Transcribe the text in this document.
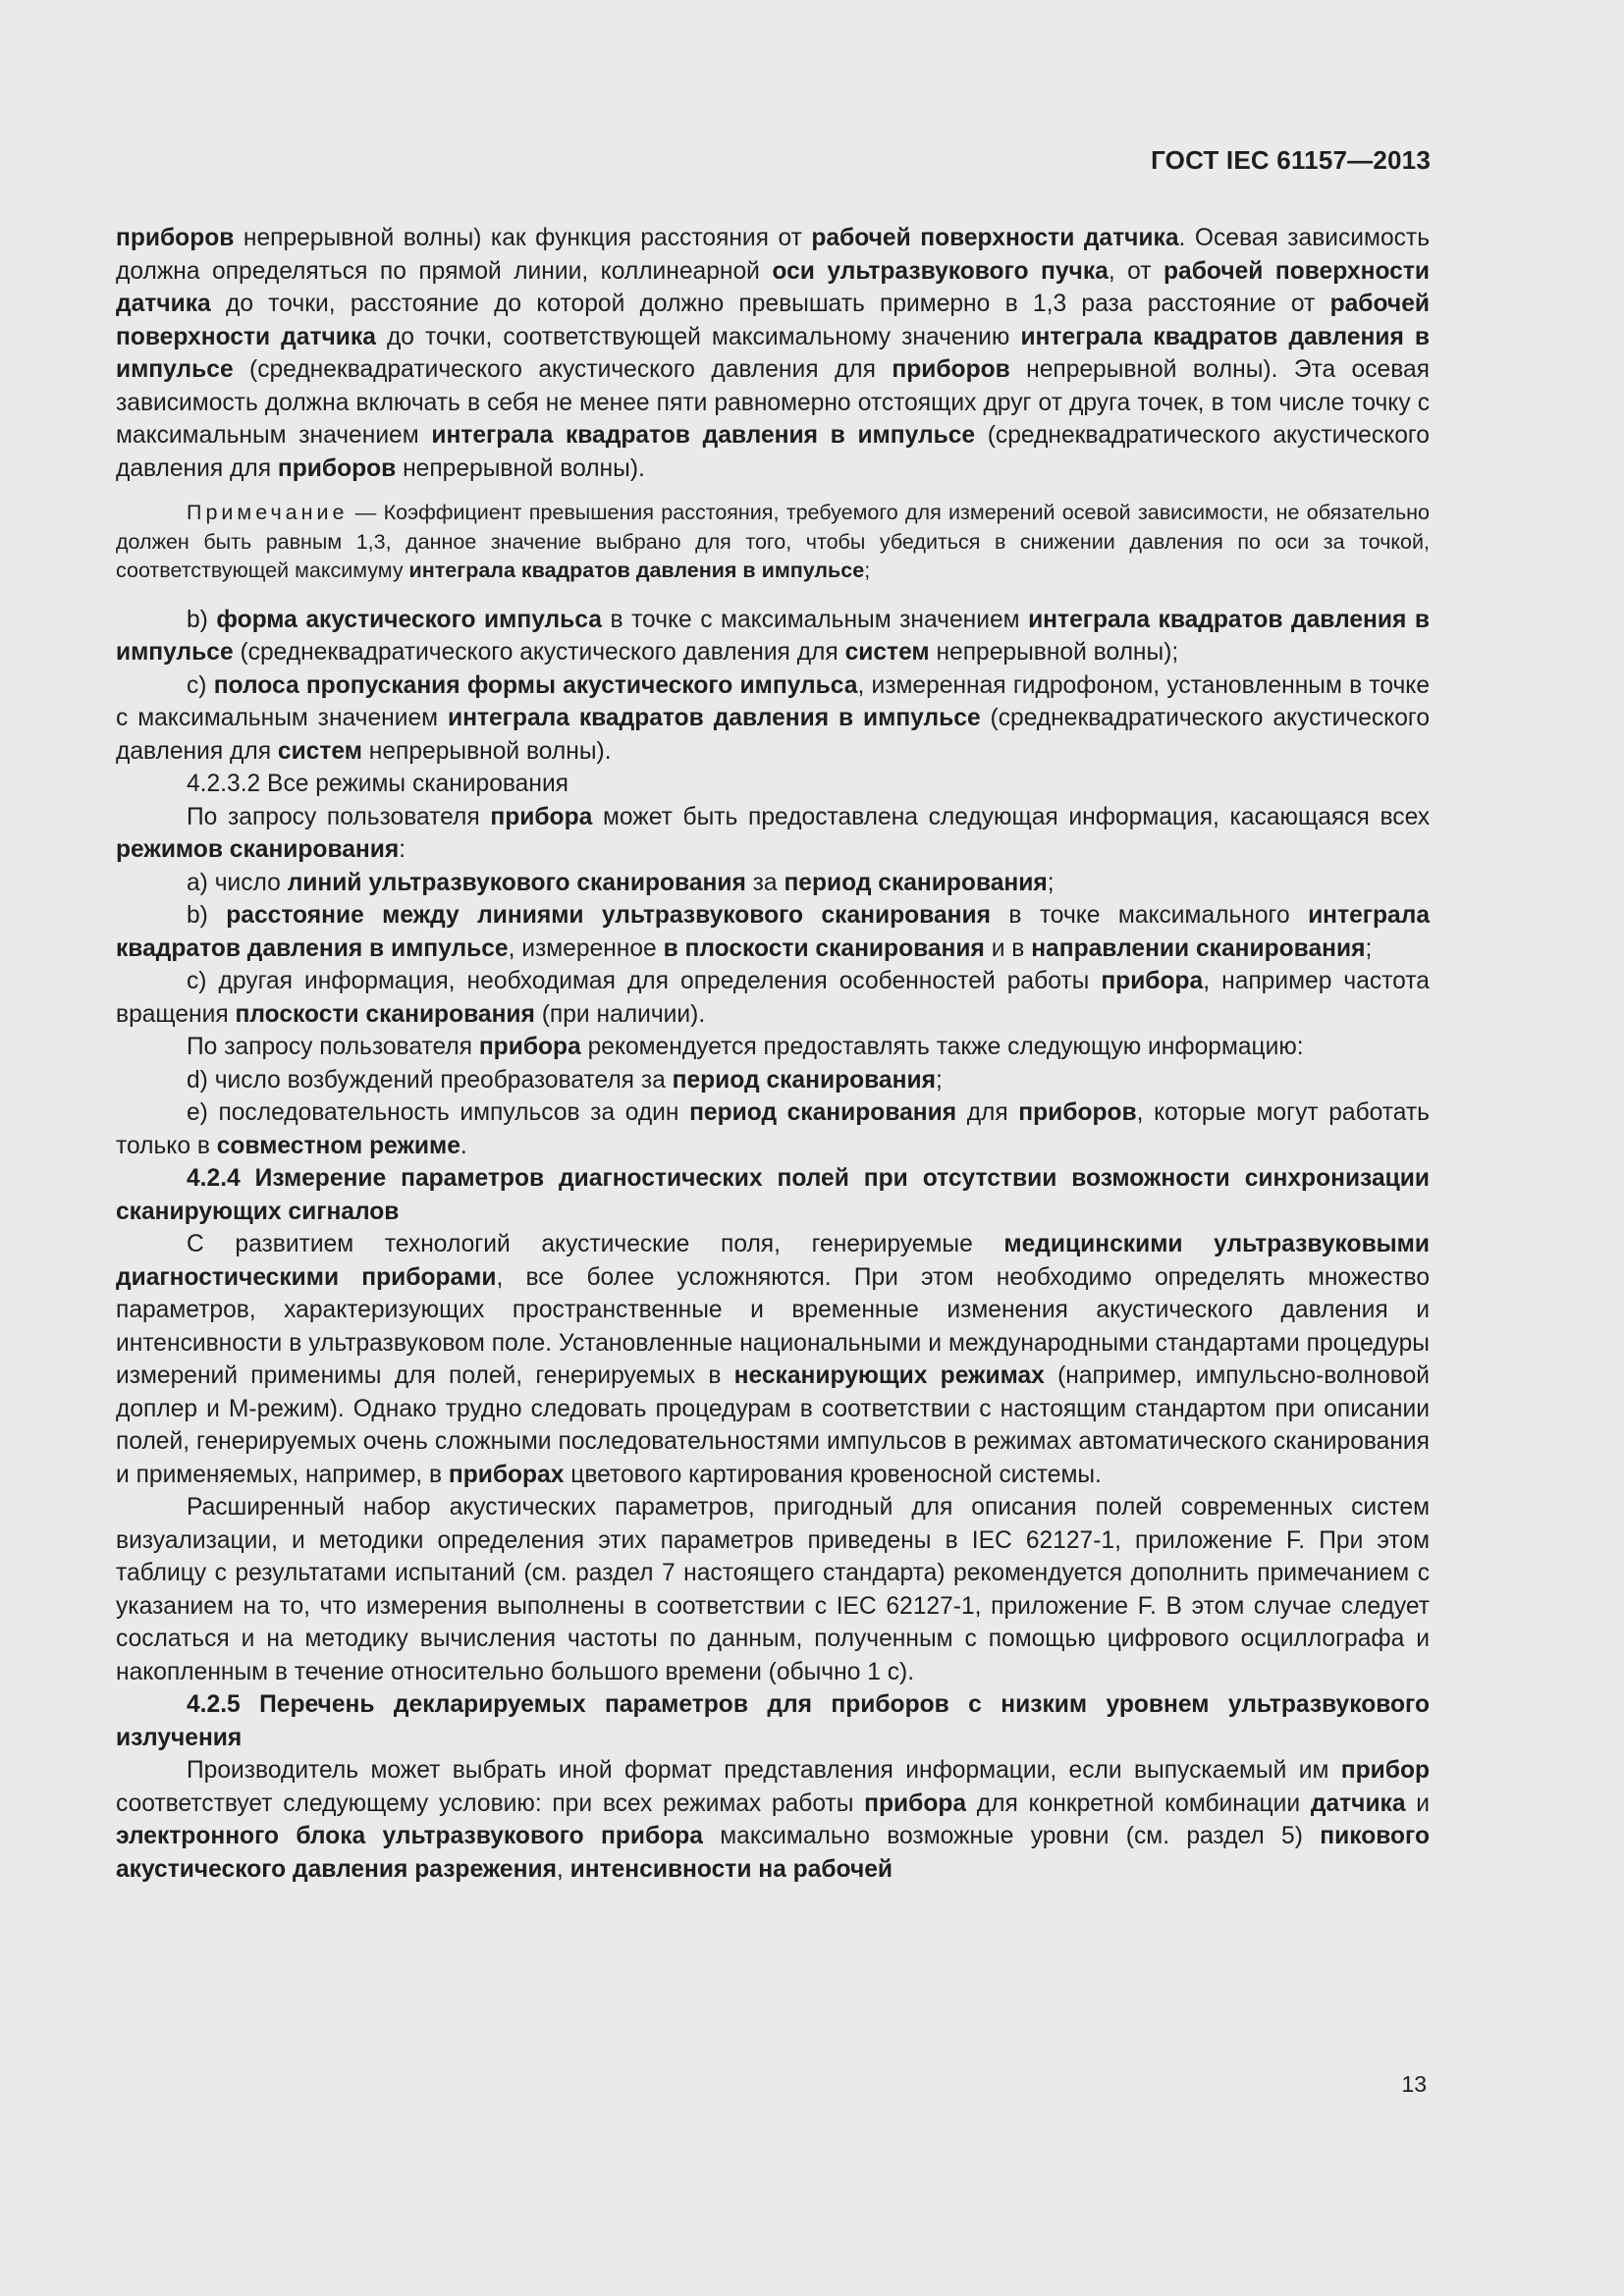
ГОСТ IEC 61157—2013

приборов непрерывной волны) как функция расстояния от рабочей поверхности датчика. Осевая зависимость должна определяться по прямой линии, коллинеарной оси ультразвукового пучка, от рабочей поверхности датчика до точки, расстояние до которой должно превышать примерно в 1,3 раза расстояние от рабочей поверхности датчика до точки, соответствующей максимальному значению интеграла квадратов давления в импульсе (среднеквадратического акустического давления для приборов непрерывной волны). Эта осевая зависимость должна включать в себя не менее пяти равномерно отстоящих друг от друга точек, в том числе точку с максимальным значением интеграла квадратов давления в импульсе (среднеквадратического акустического давления для приборов непрерывной волны).

Примечание — Коэффициент превышения расстояния, требуемого для измерений осевой зависимости, не обязательно должен быть равным 1,3, данное значение выбрано для того, чтобы убедиться в снижении давления по оси за точкой, соответствующей максимуму интеграла квадратов давления в импульсе;

b) форма акустического импульса в точке с максимальным значением интеграла квадратов давления в импульсе (среднеквадратического акустического давления для систем непрерывной волны);

c) полоса пропускания формы акустического импульса, измеренная гидрофоном, установленным в точке с максимальным значением интеграла квадратов давления в импульсе (среднеквадратического акустического давления для систем непрерывной волны).

4.2.3.2 Все режимы сканирования

По запросу пользователя прибора может быть предоставлена следующая информация, касающаяся всех режимов сканирования:

a) число линий ультразвукового сканирования за период сканирования;

b) расстояние между линиями ультразвукового сканирования в точке максимального интеграла квадратов давления в импульсе, измеренное в плоскости сканирования и в направлении сканирования;

c) другая информация, необходимая для определения особенностей работы прибора, например частота вращения плоскости сканирования (при наличии).

По запросу пользователя прибора рекомендуется предоставлять также следующую информацию:

d) число возбуждений преобразователя за период сканирования;

e) последовательность импульсов за один период сканирования для приборов, которые могут работать только в совместном режиме.

4.2.4 Измерение параметров диагностических полей при отсутствии возможности синхронизации сканирующих сигналов

С развитием технологий акустические поля, генерируемые медицинскими ультразвуковыми диагностическими приборами, все более усложняются. При этом необходимо определять множество параметров, характеризующих пространственные и временные изменения акустического давления и интенсивности в ультразвуковом поле. Установленные национальными и международными стандартами процедуры измерений применимы для полей, генерируемых в несканирующих режимах (например, импульсно-волновой доплер и М-режим). Однако трудно следовать процедурам в соответствии с настоящим стандартом при описании полей, генерируемых очень сложными последовательностями импульсов в режимах автоматического сканирования и применяемых, например, в приборах цветового картирования кровеносной системы.

Расширенный набор акустических параметров, пригодный для описания полей современных систем визуализации, и методики определения этих параметров приведены в IEC 62127-1, приложение F. При этом таблицу с результатами испытаний (см. раздел 7 настоящего стандарта) рекомендуется дополнить примечанием с указанием на то, что измерения выполнены в соответствии с IEC 62127-1, приложение F. В этом случае следует сослаться и на методику вычисления частоты по данным, полученным с помощью цифрового осциллографа и накопленным в течение относительно большого времени (обычно 1 с).

4.2.5 Перечень декларируемых параметров для приборов с низким уровнем ультразвукового излучения

Производитель может выбрать иной формат представления информации, если выпускаемый им прибор соответствует следующему условию: при всех режимах работы прибора для конкретной комбинации датчика и электронного блока ультразвукового прибора максимально возможные уровни (см. раздел 5) пикового акустического давления разрежения, интенсивности на рабочей

13
